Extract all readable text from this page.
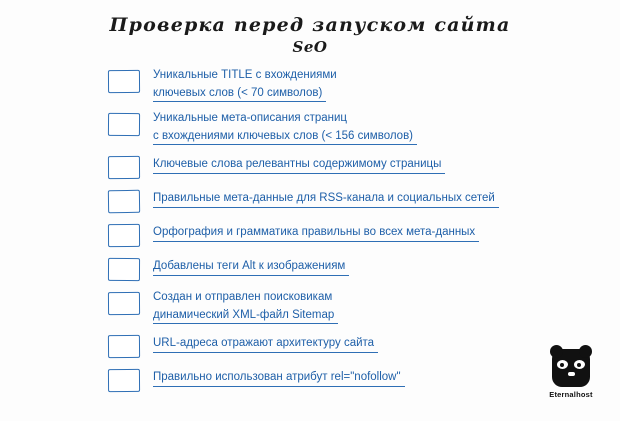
Проверка перед запуском сайта
SeO
Уникальные TITLE с вхождениями
ключевых слов (< 70 символов)
Уникальные мета-описания страниц
с вхождениями ключевых слов (< 156 символов)
Ключевые слова релевантны содержимому страницы
Правильные мета-данные для RSS-канала и социальных сетей
Орфография и грамматика правильны во всех мета-данных
Добавлены теги Alt к изображениям
Создан и отправлен поисковикам
динамический XML-файл Sitemap
URL-адреса отражают архитектуру сайта
Правильно использован атрибут rel="nofollow"
Eternalhost
